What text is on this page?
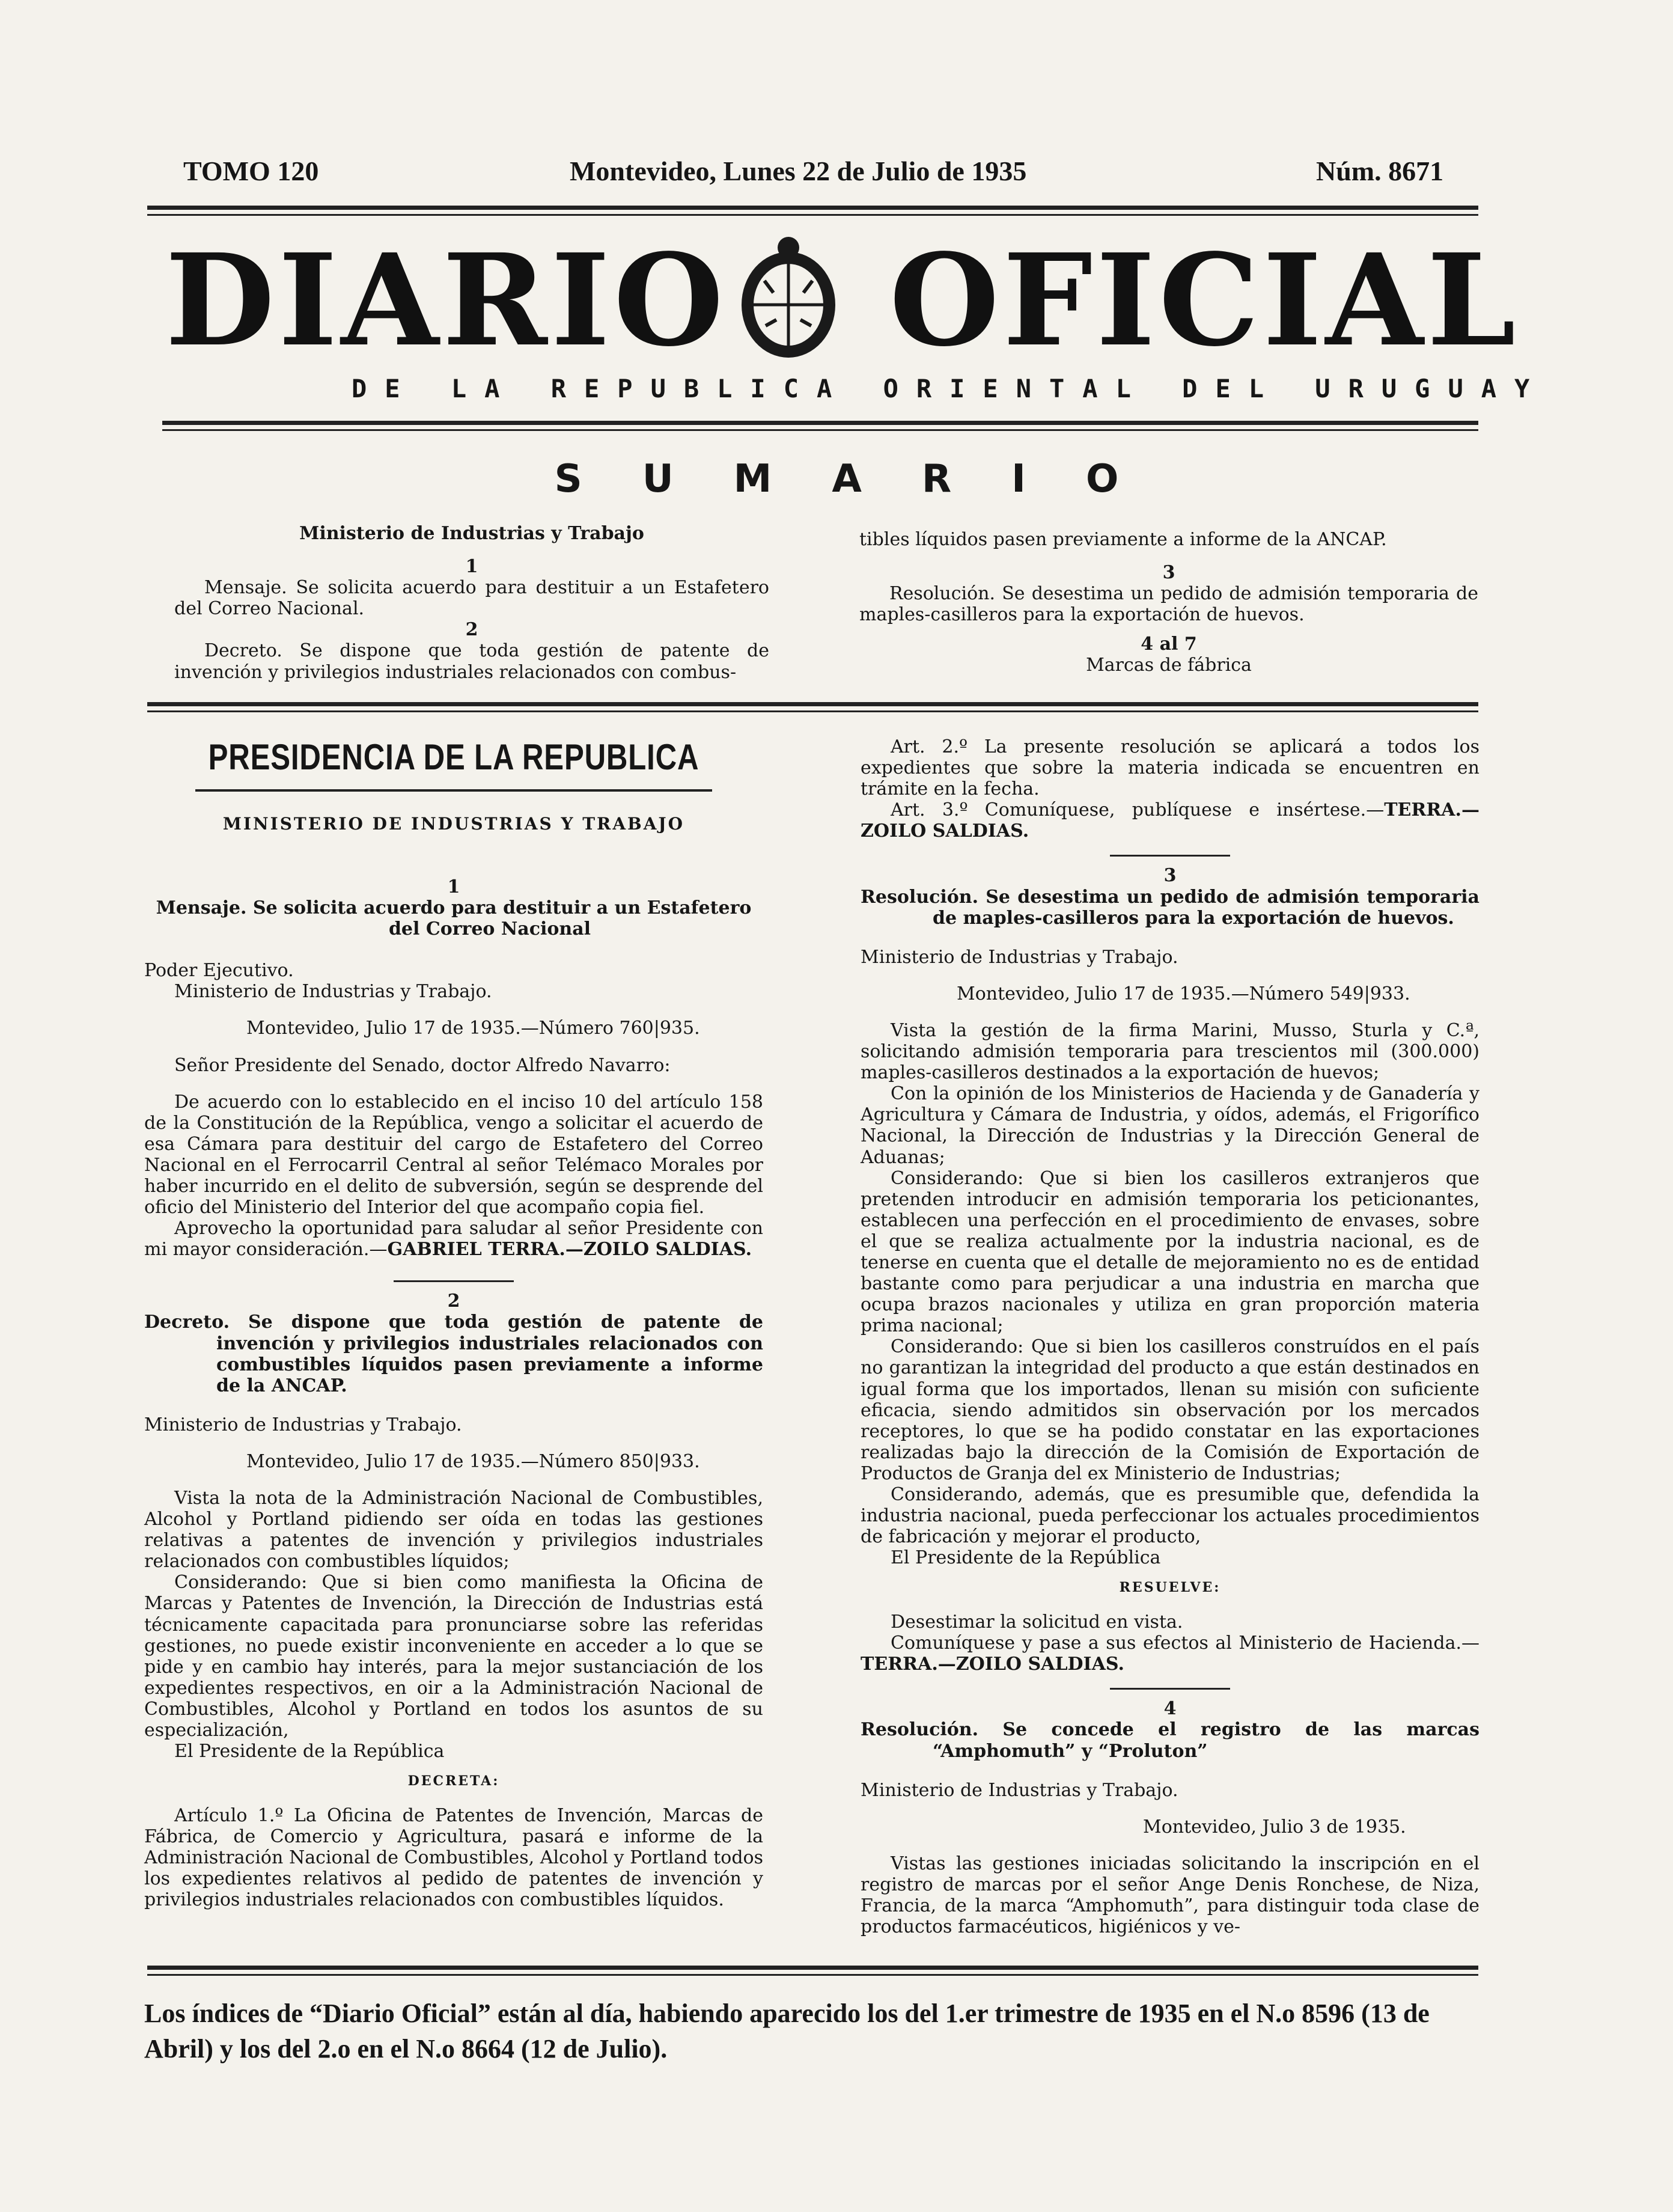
TOMO 120	Montevideo, Lunes 22 de Julio de 1935	Núm. 8671
DIARIO OFICIAL
DE LA REPUBLICA ORIENTAL DEL URUGUAY
SUMARIO

Ministerio de Industrias y Trabajo

1

Mensaje. Se solicita acuerdo para destituir a un Estafetero del Correo Nacional.

2

Decreto. Se dispone que toda gestión de patente de invención y privilegios industriales relacionados con combus-

tibles líquidos pasen previamente a informe de la ANCAP.

3

Resolución. Se desestima un pedido de admisión temporaria de maples-casilleros para la exportación de huevos.

4 al 7

Marcas de fábrica

PRESIDENCIA DE LA REPUBLICA

MINISTERIO DE INDUSTRIAS Y TRABAJO

1

Mensaje. Se solicita acuerdo para destituir a un Estafetero del Correo Nacional

Poder Ejecutivo.

Ministerio de Industrias y Trabajo.

Montevideo, Julio 17 de 1935.—Número 760|935.

Señor Presidente del Senado, doctor Alfredo Navarro:

De acuerdo con lo establecido en el inciso 10 del artículo 158 de la Constitución de la República, vengo a solicitar el acuerdo de esa Cámara para destituir del cargo de Estafetero del Correo Nacional en el Ferrocarril Central al señor Telémaco Morales por haber incurrido en el delito de subversión, según se desprende del oficio del Ministerio del Interior del que acompaño copia fiel.

Aprovecho la oportunidad para saludar al señor Presidente con mi mayor consideración.—GABRIEL TERRA.—ZOILO SALDIAS.

2

Decreto. Se dispone que toda gestión de patente de invención y privilegios industriales relacionados con combustibles líquidos pasen previamente a informe de la ANCAP.

Ministerio de Industrias y Trabajo.

Montevideo, Julio 17 de 1935.—Número 850|933.

Vista la nota de la Administración Nacional de Combustibles, Alcohol y Portland pidiendo ser oída en todas las gestiones relativas a patentes de invención y privilegios industriales relacionados con combustibles líquidos;

Considerando: Que si bien como manifiesta la Oficina de Marcas y Patentes de Invención, la Dirección de Industrias está técnicamente capacitada para pronunciarse sobre las referidas gestiones, no puede existir inconveniente en acceder a lo que se pide y en cambio hay interés, para la mejor sustanciación de los expedientes respectivos, en oir a la Administración Nacional de Combustibles, Alcohol y Portland en todos los asuntos de su especialización,

El Presidente de la República

DECRETA:

Artículo 1.º La Oficina de Patentes de Invención, Marcas de Fábrica, de Comercio y Agricultura, pasará e informe de la Administración Nacional de Combustibles, Alcohol y Portland todos los expedientes relativos al pedido de patentes de invención y privilegios industriales relacionados con combustibles líquidos.

Art. 2.º La presente resolución se aplicará a todos los expedientes que sobre la materia indicada se encuentren en trámite en la fecha.

Art. 3.º Comuníquese, publíquese e insértese.—TERRA.—ZOILO SALDIAS.

3

Resolución. Se desestima un pedido de admisión temporaria de maples-casilleros para la exportación de huevos.

Ministerio de Industrias y Trabajo.

Montevideo, Julio 17 de 1935.—Número 549|933.

Vista la gestión de la firma Marini, Musso, Sturla y C.ª, solicitando admisión temporaria para trescientos mil (300.000) maples-casilleros destinados a la exportación de huevos;

Con la opinión de los Ministerios de Hacienda y de Ganadería y Agricultura y Cámara de Industria, y oídos, además, el Frigorífico Nacional, la Dirección de Industrias y la Dirección General de Aduanas;

Considerando: Que si bien los casilleros extranjeros que pretenden introducir en admisión temporaria los peticionantes, establecen una perfección en el procedimiento de envases, sobre el que se realiza actualmente por la industria nacional, es de tenerse en cuenta que el detalle de mejoramiento no es de entidad bastante como para perjudicar a una industria en marcha que ocupa brazos nacionales y utiliza en gran proporción materia prima nacional;

Considerando: Que si bien los casilleros construídos en el país no garantizan la integridad del producto a que están destinados en igual forma que los importados, llenan su misión con suficiente eficacia, siendo admitidos sin observación por los mercados receptores, lo que se ha podido constatar en las exportaciones realizadas bajo la dirección de la Comisión de Exportación de Productos de Granja del ex Ministerio de Industrias;

Considerando, además, que es presumible que, defendida la industria nacional, pueda perfeccionar los actuales procedimientos de fabricación y mejorar el producto,

El Presidente de la República

RESUELVE:

Desestimar la solicitud en vista.

Comuníquese y pase a sus efectos al Ministerio de Hacienda.—TERRA.—ZOILO SALDIAS.

4

Resolución. Se concede el registro de las marcas “Amphomuth” y “Proluton”

Ministerio de Industrias y Trabajo.

Montevideo, Julio 3 de 1935.

Vistas las gestiones iniciadas solicitando la inscripción en el registro de marcas por el señor Ange Denis Ronchese, de Niza, Francia, de la marca “Amphomuth”, para distinguir toda clase de productos farmacéuticos, higiénicos y ve-

Los índices de “Diario Oficial” están al día, habiendo aparecido los del 1.er trimestre de 1935 en el N.o 8596 (13 de Abril) y los del 2.o en el N.o 8664 (12 de Julio).
